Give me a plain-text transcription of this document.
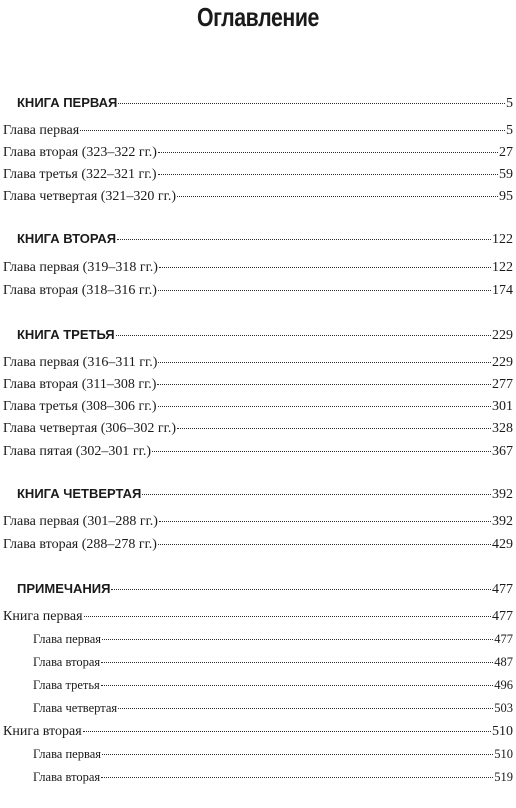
Оглавление
КНИГА ПЕРВАЯ	5
Глава первая	5
Глава вторая (323–322 гг.)	27
Глава третья (322–321 гг.)	59
Глава четвертая (321–320 гг.)	95
КНИГА ВТОРАЯ	122
Глава первая (319–318 гг.)	122
Глава вторая (318–316 гг.)	174
КНИГА ТРЕТЬЯ	229
Глава первая (316–311 гг.)	229
Глава вторая (311–308 гг.)	277
Глава третья (308–306 гг.)	301
Глава четвертая (306–302 гг.)	328
Глава пятая (302–301 гг.)	367
КНИГА ЧЕТВЕРТАЯ	392
Глава первая (301–288 гг.)	392
Глава вторая (288–278 гг.)	429
ПРИМЕЧАНИЯ	477
Книга первая	477
Глава первая	477
Глава вторая	487
Глава третья	496
Глава четвертая	503
Книга вторая	510
Глава первая	510
Глава вторая	519
